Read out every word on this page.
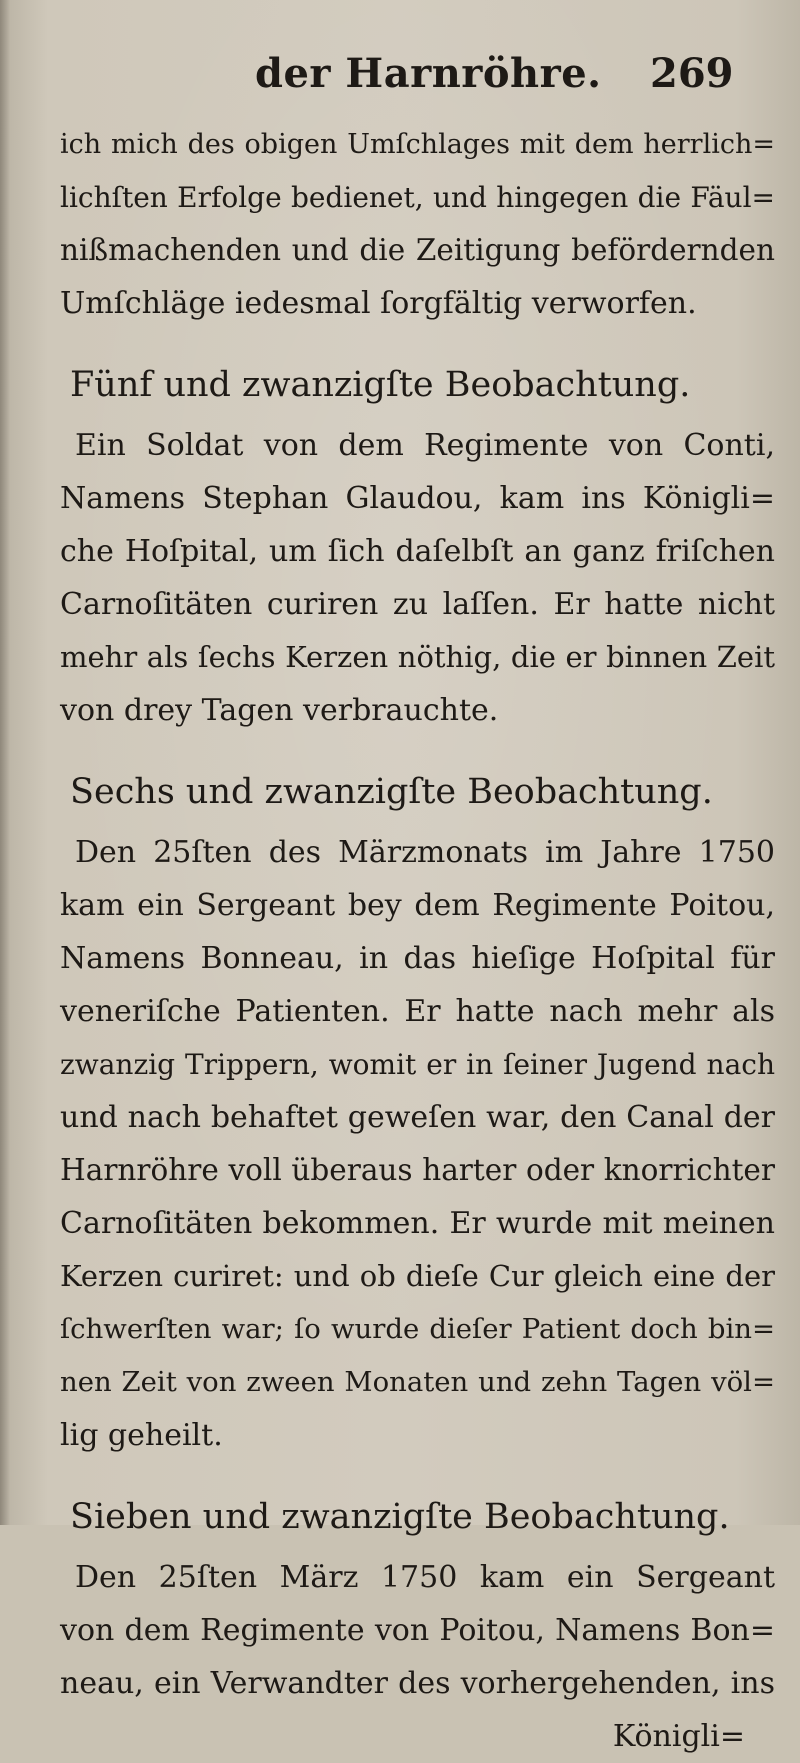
der Harnröhre. 269
ich mich des obigen Umſchlages mit dem herrlich=
lichſten Erfolge bedienet, und hingegen die Fäul=
nißmachenden und die Zeitigung befördernden
Umſchläge iedesmal ſorgfältig verworfen.
Fünf und zwanzigſte Beobachtung.
Ein Soldat von dem Regimente von Conti,
Namens Stephan Glaudou, kam ins Königli=
che Hoſpital, um ſich daſelbſt an ganz friſchen
Carnoſitäten curiren zu laſſen. Er hatte nicht
mehr als ſechs Kerzen nöthig, die er binnen Zeit
von drey Tagen verbrauchte.
Sechs und zwanzigſte Beobachtung.
Den 25ſten des Märzmonats im Jahre 1750
kam ein Sergeant bey dem Regimente Poitou,
Namens Bonneau, in das hieſige Hoſpital für
veneriſche Patienten. Er hatte nach mehr als
zwanzig Trippern, womit er in ſeiner Jugend nach
und nach behaftet geweſen war, den Canal der
Harnröhre voll überaus harter oder knorrichter
Carnoſitäten bekommen. Er wurde mit meinen
Kerzen curiret: und ob dieſe Cur gleich eine der
ſchwerſten war; ſo wurde dieſer Patient doch bin=
nen Zeit von zween Monaten und zehn Tagen völ=
lig geheilt.
Sieben und zwanzigſte Beobachtung.
Den 25ſten März 1750 kam ein Sergeant
von dem Regimente von Poitou, Namens Bon=
neau, ein Verwandter des vorhergehenden, ins
Königli=
